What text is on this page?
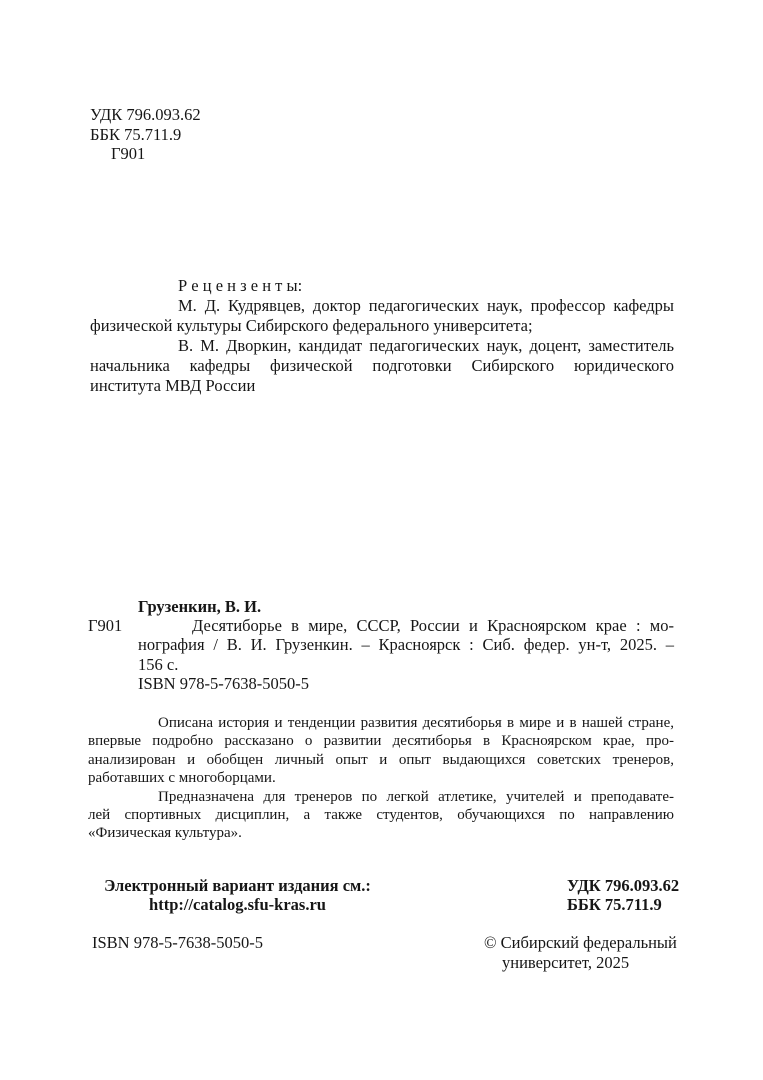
УДК 796.093.62
ББК 75.711.9
Г901
Р е ц е н з е н т ы:
М. Д. Кудрявцев, доктор педагогических наук, профессор кафедры
физической культуры Сибирского федерального университета;
В. М. Дворкин, кандидат педагогических наук, доцент, заместитель
начальника кафедры физической подготовки Сибирского юридического
института МВД России
Грузенкин, В. И.
Г901	Десятиборье в мире, СССР, России и Красноярском крае : мо-
нография / В. И. Грузенкин. – Красноярск : Сиб. федер. ун-т, 2025. –
156 с.
ISBN 978-5-7638-5050-5
Описана история и тенденции развития десятиборья в мире и в нашей стране,
впервые подробно рассказано о развитии десятиборья в Красноярском крае, про-
анализирован и обобщен личный опыт и опыт выдающихся советских тренеров,
работавших с многоборцами.
Предназначена для тренеров по легкой атлетике, учителей и преподавате-
лей спортивных дисциплин, а также студентов, обучающихся по направлению
«Физическая культура».
Электронный вариант издания см.:
http://catalog.sfu-kras.ru
УДК 796.093.62
ББК 75.711.9
ISBN 978-5-7638-5050-5	© Сибирский федеральный
университет, 2025
